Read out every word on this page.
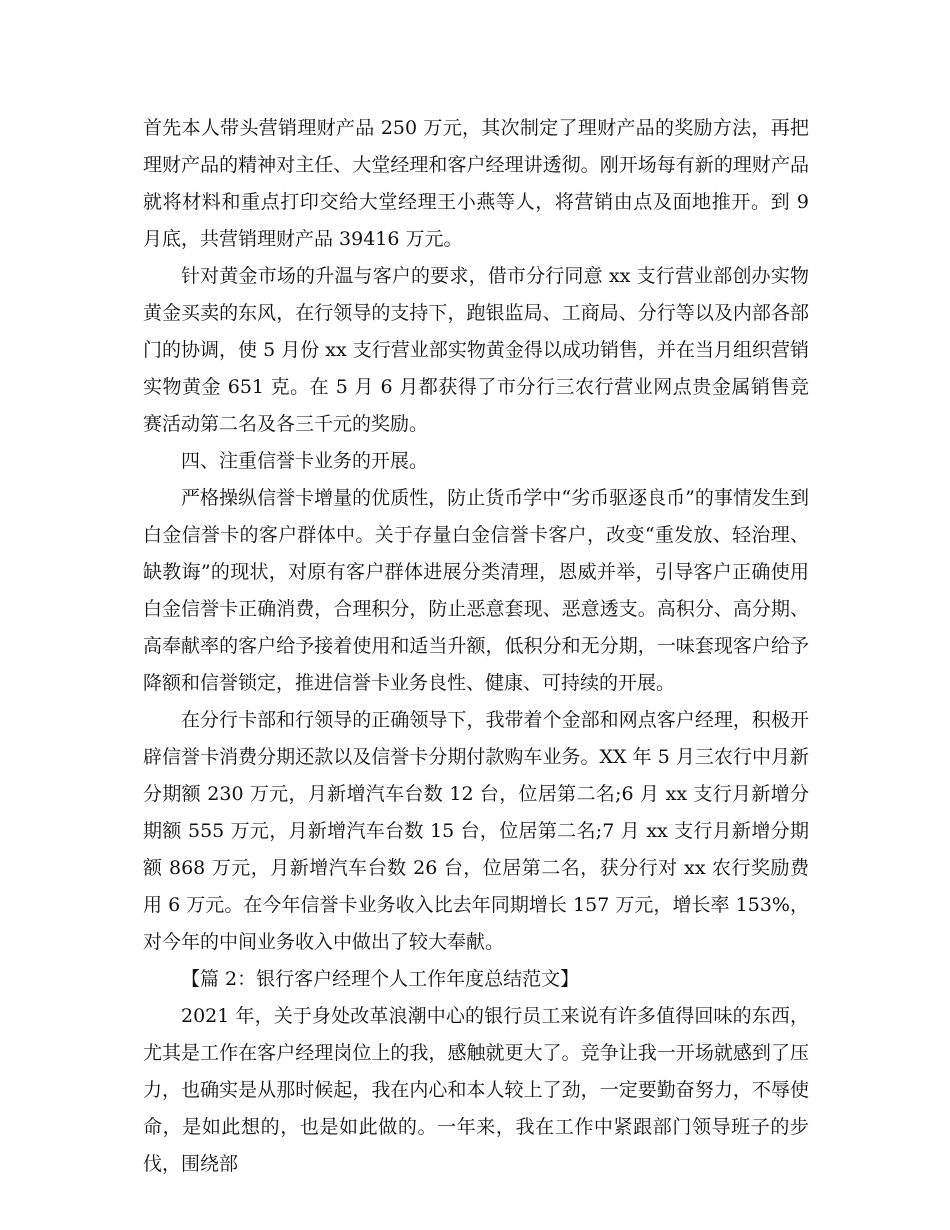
首先本人带头营销理财产品 250 万元，其次制定了理财产品的奖励方法，再把理财产品的精神对主任、大堂经理和客户经理讲透彻。刚开场每有新的理财产品就将材料和重点打印交给大堂经理王小燕等人，将营销由点及面地推开。到 9 月底，共营销理财产品 39416 万元。

针对黄金市场的升温与客户的要求，借市分行同意 xx 支行营业部创办实物黄金买卖的东风，在行领导的支持下，跑银监局、工商局、分行等以及内部各部门的协调，使 5 月份 xx 支行营业部实物黄金得以成功销售，并在当月组织营销实物黄金 651 克。在 5 月 6 月都获得了市分行三农行营业网点贵金属销售竞赛活动第二名及各三千元的奖励。

四、注重信誉卡业务的开展。

严格操纵信誉卡增量的优质性，防止货币学中“劣币驱逐良币”的事情发生到白金信誉卡的客户群体中。关于存量白金信誉卡客户，改变“重发放、轻治理、缺教诲”的现状，对原有客户群体进展分类清理，恩威并举，引导客户正确使用白金信誉卡正确消费，合理积分，防止恶意套现、恶意透支。高积分、高分期、高奉献率的客户给予接着使用和适当升额，低积分和无分期，一味套现客户给予降额和信誉锁定，推进信誉卡业务良性、健康、可持续的开展。

在分行卡部和行领导的正确领导下，我带着个金部和网点客户经理，积极开辟信誉卡消费分期还款以及信誉卡分期付款购车业务。XX 年 5 月三农行中月新分期额 230 万元，月新增汽车台数 12 台，位居第二名;6 月 xx 支行月新增分期额 555 万元，月新增汽车台数 15 台，位居第二名;7 月 xx 支行月新增分期额 868 万元，月新增汽车台数 26 台，位居第二名，获分行对 xx 农行奖励费用 6 万元。在今年信誉卡业务收入比去年同期增长 157 万元，增长率 153%，对今年的中间业务收入中做出了较大奉献。

【篇 2：银行客户经理个人工作年度总结范文】

2021 年，关于身处改革浪潮中心的银行员工来说有许多值得回味的东西，尤其是工作在客户经理岗位上的我，感触就更大了。竞争让我一开场就感到了压力，也确实是从那时候起，我在内心和本人较上了劲，一定要勤奋努力，不辱使命，是如此想的，也是如此做的。一年来，我在工作中紧跟部门领导班子的步伐，围绕部
